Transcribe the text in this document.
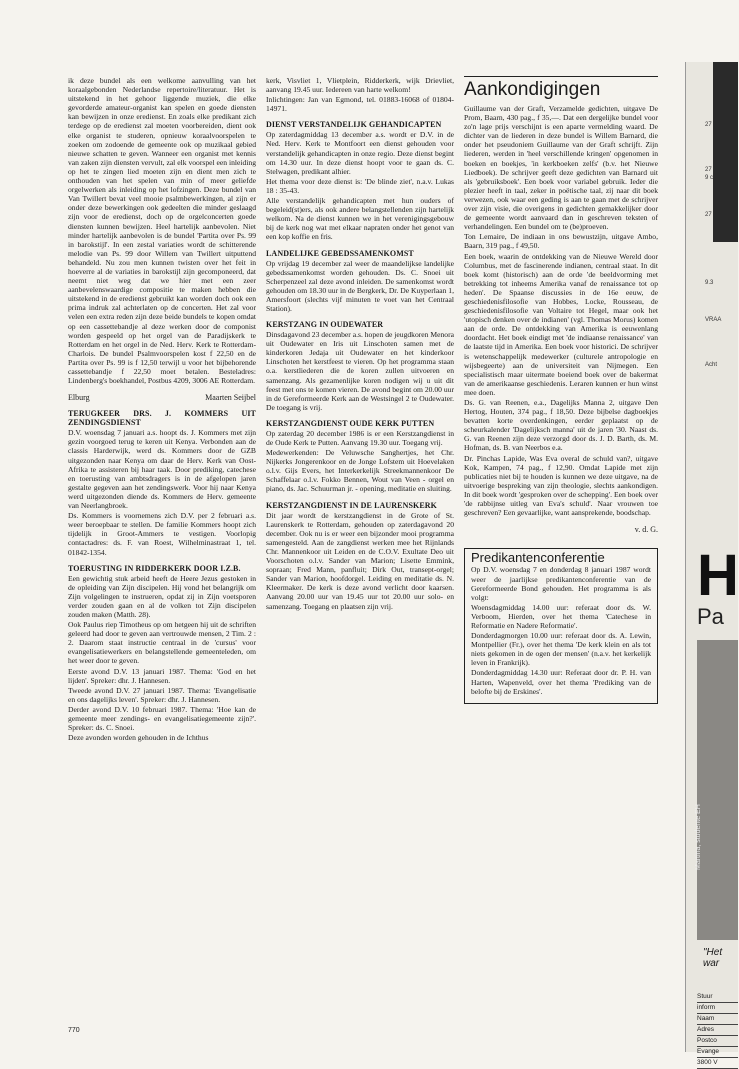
ik deze bundel als een welkome aanvulling van het koraalgebonden Nederlandse repertoire/literatuur. Het is uitstekend in het gehoor liggende muziek, die elke gevorderde amateur-organist kan spelen en goede diensten kan bewijzen in onze eredienst. En zoals elke predikant zich terdege op de eredienst zal moeten voorbereiden, dient ook elke organist te studeren, opnieuw koraalvoorspelen te zoeken om zodoende de gemeente ook op muzikaal gebied nieuwe schatten te geven. Wanneer een organist met kennis van zaken zijn diensten vervult, zal elk voorspel een inleiding op het te zingen lied moeten zijn en dient men zich te onthouden van het spelen van min of meer geliefde orgelwerken als inleiding op het lofzingen. Deze bundel van Van Twillert bevat veel mooie psalmbewerkingen, al zijn er onder deze bewerkingen ook gedeelten die minder geslaagd zijn voor de eredienst, doch op de orgelconcerten goede diensten kunnen bewijzen. Heel hartelijk aanbevolen. Niet minder hartelijk aanbevolen is de bundel 'Partita over Ps. 99 in barokstijl'. In een zestal variaties wordt de schitterende melodie van Ps. 99 door Willem van Twillert uitputtend behandeld. Nu zou men kunnen twisten over het feit in hoeverre al de variaties in barokstijl zijn gecomponeerd, dat neemt niet weg dat we hier met een zeer aanbevelenswaardige compositie te maken hebben die uitstekend in de eredienst gebruikt kan worden doch ook een prima indruk zal achterlaten op de concerten. Het zal voor velen een extra reden zijn deze beide bundels te kopen omdat op een cassettebandje al deze werken door de componist worden gespeeld op het orgel van de Paradijskerk te Rotterdam en het orgel in de Ned. Herv. Kerk te Rotterdam-Charlois. De bundel Psalmvoorspelen kost f 22,50 en de Partita over Ps. 99 is f 12,50 terwijl u voor het bijbehorende cassettebandje f 22,50 moet betalen. Besteladres: Lindenberg's boekhandel, Postbus 4209, 3006 AE Rotterdam.

Elburg	Maarten Seijbel
TERUGKEER DRS. J. KOMMERS UIT ZENDINGSDIENST

D.V. woensdag 7 januari a.s. hoopt ds. J. Kommers met zijn gezin voorgoed terug te keren uit Kenya. Verbonden aan de classis Harderwijk, werd ds. Kommers door de GZB uitgezonden naar Kenya om daar de Herv. Kerk van Oost-Afrika te assisteren bij haar taak. Door prediking, catechese en toerusting van ambtsdragers is in de afgelopen jaren gestalte gegeven aan het zendingswerk. Voor hij naar Kenya werd uitgezonden diende ds. Kommers de Herv. gemeente van Neerlangbroek.

Ds. Kommers is voornemens zich D.V. per 2 februari a.s. weer beroepbaar te stellen. De familie Kommers hoopt zich tijdelijk in Groot-Ammers te vestigen. Voorlopig contactadres: ds. F. van Roest, Wilhelminastraat 1, tel. 01842-1354.

TOERUSTING IN RIDDERKERK DOOR I.Z.B.

Een gewichtig stuk arbeid heeft de Heere Jezus gestoken in de opleiding van Zijn discipelen. Hij vond het belangrijk om Zijn volgelingen te instrueren, opdat zij in Zijn voetsporen verder zouden gaan en al de volken tot Zijn discipelen zouden maken (Matth. 28).

Ook Paulus riep Timotheus op om hetgeen hij uit de schriften geleerd had door te geven aan vertrouwde mensen, 2 Tim. 2 : 2. Daarom staat instructie centraal in de 'cursus' voor evangelisatiewerkers en belangstellende gemeenteleden, om het weer door te geven.

Eerste avond D.V. 13 januari 1987. Thema: 'God en het lijden'. Spreker: dhr. J. Hannesen.

Tweede avond D.V. 27 januari 1987. Thema: 'Evangelisatie en ons dagelijks leven'. Spreker: dhr. J. Hannesen.

Derder avond D.V. 10 februari 1987. Thema: 'Hoe kan de gemeente meer zendings- en evangelisatiegemeente zijn?'. Spreker: ds. C. Snoei.

Deze avonden worden gehouden in de Ichthus

kerk, Visvliet 1, Vlietplein, Ridderkerk, wijk Drievliet, aanvang 19.45 uur. Iedereen van harte welkom!

Inlichtingen: Jan van Egmond, tel. 01883-16068 of 01804-14971.

DIENST VERSTANDELIJK GEHANDICAPTEN

Op zaterdagmiddag 13 december a.s. wordt er D.V. in de Ned. Herv. Kerk te Montfoort een dienst gehouden voor verstandelijk gehandicapten in onze regio. Deze dienst begint om 14.30 uur. In deze dienst hoopt voor te gaan ds. C. Stelwagen, predikant alhier.

Het thema voor deze dienst is: 'De blinde ziet', n.a.v. Lukas 18 : 35-43.

Alle verstandelijk gehandicapten met hun ouders of begeleid(st)ers, als ook andere belangstellenden zijn hartelijk welkom. Na de dienst kunnen we in het verenigingsgebouw bij de kerk nog wat met elkaar napraten onder het genot van een kop koffie en fris.

LANDELIJKE GEBEDSSAMENKOMST

Op vrijdag 19 december zal weer de maandelijkse landelijke gebedssamenkomst worden gehouden. Ds. C. Snoei uit Scherpenzeel zal deze avond inleiden. De samenkomst wordt gehouden om 18.30 uur in de Bergkerk, Dr. De Kuyperlaan 1, Amersfoort (slechts vijf minuten te voet van het Centraal Station).

KERSTZANG IN OUDEWATER

Dinsdagavond 23 december a.s. hopen de jeugdkoren Menora uit Oudewater en Iris uit Linschoten samen met de kinderkoren Jedaja uit Oudewater en het kinderkoor Linschoten het kerstfeest te vieren. Op het programma staan o.a. kerstliederen die de koren zullen uitvoeren en samenzang. Als gezamenlijke koren nodigen wij u uit dit feest met ons te komen vieren. De avond begint om 20.00 uur in de Gereformeerde Kerk aan de Westsingel 2 te Oudewater. De toegang is vrij.

KERSTZANGDIENST OUDE KERK PUTTEN

Op zaterdag 20 december 1986 is er een Kerstzangdienst in de Oude Kerk te Putten. Aanvang 19.30 uur. Toegang vrij.

Medewerkenden: De Veluwsche Sanghertjes, het Chr. Nijkerks Jongerenkoor en de Jonge Lofstem uit Hoevelaken o.l.v. Gijs Evers, het Interkerkelijk Streekmannenkoor De Schaffelaar o.l.v. Fokko Bennen, Wout van Veen - orgel en piano, ds. Jac. Schuurman jr. - opening, meditatie en sluiting.

KERSTZANGDIENST IN DE LAURENSKERK

Dit jaar wordt de kerstzangdienst in de Grote of St. Laurenskerk te Rotterdam, gehouden op zaterdagavond 20 december. Ook nu is er weer een bijzonder mooi programma samengesteld. Aan de zangdienst werken mee het Rijnlands Chr. Mannenkoor uit Leiden en de C.O.V. Exultate Deo uit Voorschoten o.l.v. Sander van Marion; Lisette Emmink, sopraan; Fred Mann, panfluit; Dirk Out, transept-orgel; Sander van Marion, hoofdorgel. Leiding en meditatie ds. N. Kleermaker. De kerk is deze avond verlicht door kaarsen. Aanvang 20.00 uur van 19.45 uur tot 20.00 uur solo- en samenzang. Toegang en plaatsen zijn vrij.

Aankondigingen

Guillaume van der Graft, Verzamelde gedichten, uitgave De Prom, Baarn, 430 pag., f 35,—. Dat een dergelijke bundel voor zo'n lage prijs verschijnt is een aparte vermelding waard. De dichter van de liederen in deze bundel is Willem Barnard, die onder het pseudoniem Guillaume van der Graft schrijft. Zijn liederen, werden in 'heel verschillende kringen' opgenomen in boeken en boekjes, 'in kerkboeken zelfs' (b.v. het Nieuwe Liedboek). De schrijver geeft deze gedichten van Barnard uit als 'gebruiksboek'. Een boek voor variabel gebruik. Ieder die plezier heeft in taal, zeker in poëtische taal, zij naar dit boek verwezen, ook waar een geding is aan te gaan met de schrijver over zijn visie, die overigens in gedichten gemakkelijker door de gemeente wordt aanvaard dan in geschreven teksten of verhandelingen. Een bundel om te (be)proeven.

Ton Lemaire, De indiaan in ons bewustzijn, uitgave Ambo, Baarn, 319 pag., f 49,50.

Een boek, waarin de ontdekking van de Nieuwe Wereld door Columbus, met de fascinerende indianen, centraal staat. In dit boek komt (historisch) aan de orde 'de beeldvorming met betrekking tot inheems Amerika vanaf de renaissance tot op heden'. De Spaanse discussies in de 16e eeuw, de geschiedenisfilosofie van Hobbes, Locke, Rousseau, de geschiedenisfilosofie van Voltaire tot Hegel, maar ook het 'utopisch denken over de indianen' (vgl. Thomas Morus) komen aan de orde. De ontdekking van Amerika is eeuwenlang doordacht. Het boek eindigt met 'de indiaanse renaissance' van de laatste tijd in Amerika. Een boek voor historici. De schrijver is wetenschappelijk medewerker (culturele antropologie en wijsbegeerte) aan de universiteit van Nijmegen. Een specialistisch maar uitermate boeiend boek over de bakermat van de amerikaanse geschiedenis. Leraren kunnen er hun winst mee doen.

Ds. G. van Reenen, e.a., Dagelijks Manna 2, uitgave Den Hertog, Houten, 374 pag., f 18,50. Deze bijbelse dagboekjes bevatten korte overdenkingen, eerder geplaatst op de scheurkalender 'Dagelijksch manna' uit de jaren '30. Naast ds. G. van Reenen zijn deze verzorgd door ds. J. D. Barth, ds. M. Hofman, ds. B. van Neerbos e.a.

Dr. Pinchas Lapide, Was Eva overal de schuld van?, uitgave Kok, Kampen, 74 pag., f 12,90. Omdat Lapide met zijn publicaties niet bij te houden is kunnen we deze uitgave, na de uitvoerige bespreking van zijn theologie, slechts aankondigen. In dit boek wordt 'gesproken over de schepping'. Een boek over 'de rabbijnse uitleg van Eva's schuld'. Naar vrouwen toe geschreven? Een gevaarlijke, want aansprekende, boodschap.

v. d. G.
Predikantenconferentie

Op D.V. woensdag 7 en donderdag 8 januari 1987 wordt weer de jaarlijkse predikantenconferentie van de Gereformeerde Bond gehouden. Het programma is als volgt:

Woensdagmiddag 14.00 uur: referaat door ds. W. Verboom, Hierden, over het thema 'Catechese in Reformatie en Nadere Reformatie'.

Donderdagmorgen 10.00 uur: referaat door ds. A. Lewin, Montpellier (Fr.), over het thema 'De kerk klein en als tot niets gekomen in de ogen der mensen' (n.a.v. het kerkelijk leven in Frankrijk).

Donderdagmiddag 14.30 uur: Referaat door dr. P. H. van Harten, Wapenveld, over het thema 'Prediking van de belofte bij de Erskines'.

770
27
27
9 c
27
9.3
VRAA
Acht
H
Pa
Martina, studente EH
"Het
war
Stuur
inform
Naam
Adres
Postco
Evange
3800 V
